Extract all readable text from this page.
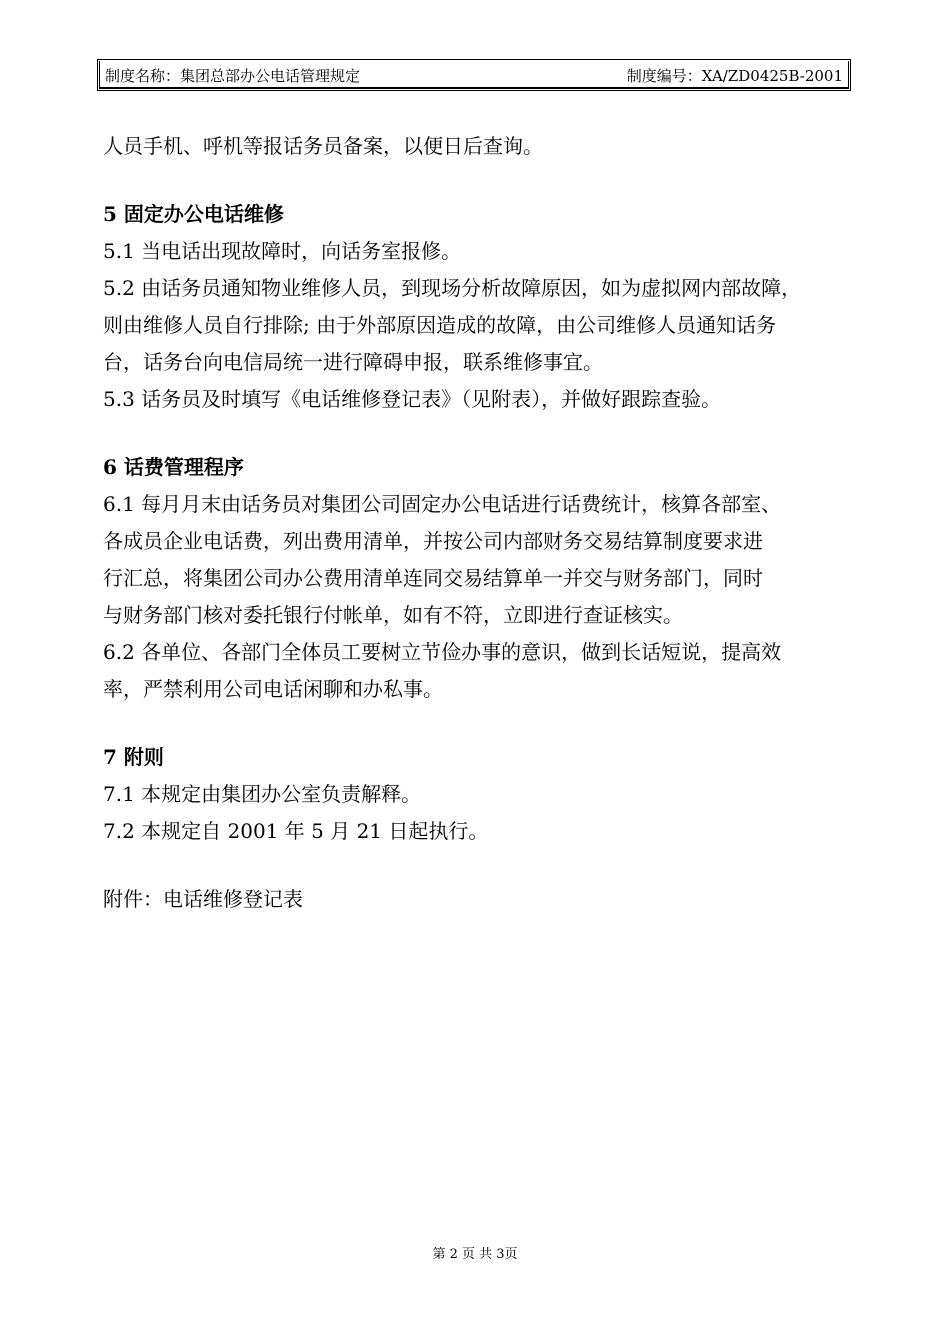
制度名称：集团总部办公电话管理规定	制度编号：XA/ZD0425B-2001

人员手机、呼机等报话务员备案，以便日后查询。

5 固定办公电话维修

5.1 当电话出现故障时，向话务室报修。

5.2 由话务员通知物业维修人员，到现场分析故障原因，如为虚拟网内部故障，

则由维修人员自行排除; 由于外部原因造成的故障，由公司维修人员通知话务

台，话务台向电信局统一进行障碍申报，联系维修事宜。

5.3 话务员及时填写《电话维修登记表》（见附表），并做好跟踪查验。

6 话费管理程序

6.1 每月月末由话务员对集团公司固定办公电话进行话费统计，核算各部室、

各成员企业电话费，列出费用清单，并按公司内部财务交易结算制度要求进

行汇总，将集团公司办公费用清单连同交易结算单一并交与财务部门，同时

与财务部门核对委托银行付帐单，如有不符，立即进行查证核实。

6.2 各单位、各部门全体员工要树立节俭办事的意识，做到长话短说，提高效

率，严禁利用公司电话闲聊和办私事。

7 附则

7.1 本规定由集团办公室负责解释。

7.2 本规定自 2001 年 5 月 21 日起执行。

附件：电话维修登记表

第 2 页 共 3页
